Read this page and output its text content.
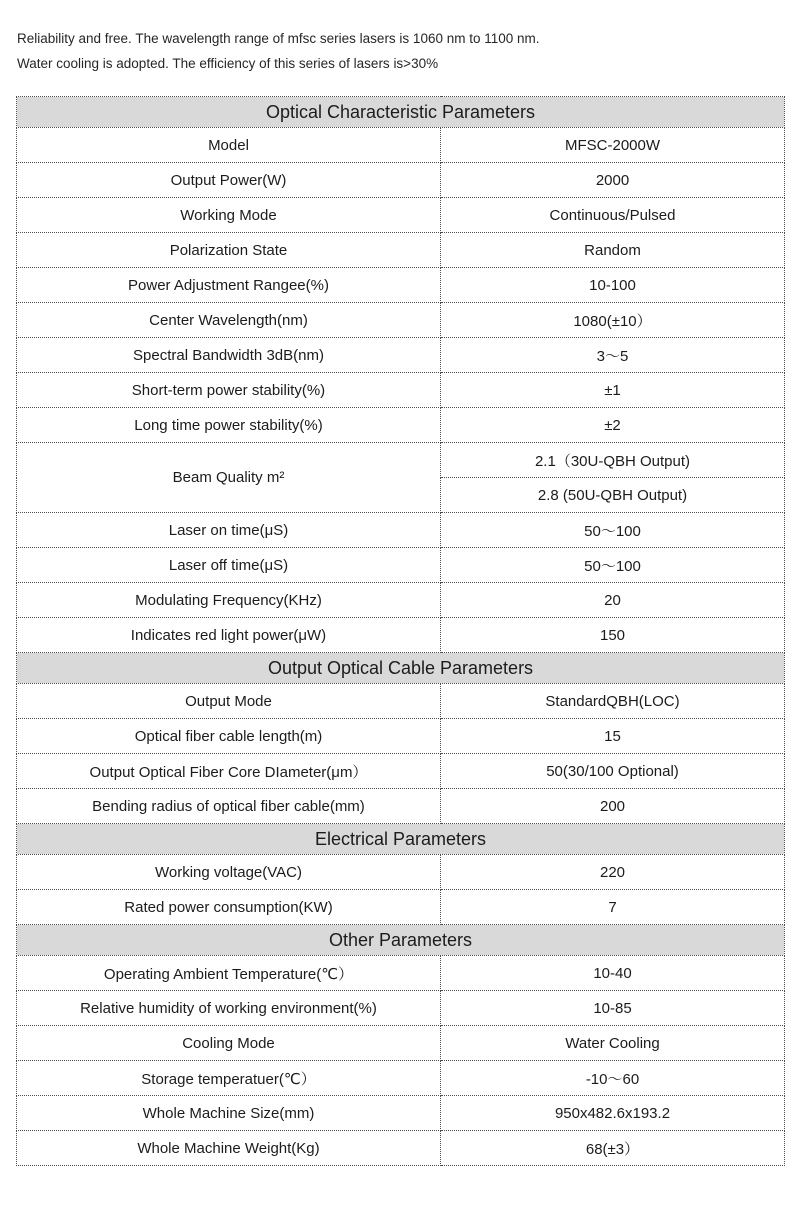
Reliability and free. The wavelength range of mfsc series lasers is 1060 nm to 1100 nm.

Water cooling is adopted. The efficiency of this series of lasers is>30%

Optical Characteristic Parameters	
Model	MFSC-2000W
Output Power(W)	2000
Working Mode	Continuous/Pulsed
Polarization State	Random
Power Adjustment Rangee(%)	10-100
Center Wavelength(nm)	1080(±10）
Spectral Bandwidth 3dB(nm)	3～5
Short-term power stability(%)	±1
Long time power stability(%)	±2
Beam Quality m²	2.1（30U-QBH Output)
	2.8 (50U-QBH Output)
Laser on time(μS)	50～100
Laser off time(μS)	50～100
Modulating Frequency(KHz)	20
Indicates red light power(μW)	150
Output Optical Cable Parameters	
Output Mode	StandardQBH(LOC)
Optical fiber cable length(m)	15
Output Optical Fiber Core DIameter(μm）	50(30/100 Optional)
Bending radius of optical fiber cable(mm)	200
Electrical Parameters	
Working voltage(VAC)	220
Rated power consumption(KW)	7
Other Parameters	
Operating Ambient Temperature(℃）	10-40
Relative humidity of working environment(%)	10-85
Cooling Mode	Water Cooling
Storage temperatuer(℃）	-10～60
Whole Machine Size(mm)	950x482.6x193.2
Whole Machine Weight(Kg)	68(±3）
